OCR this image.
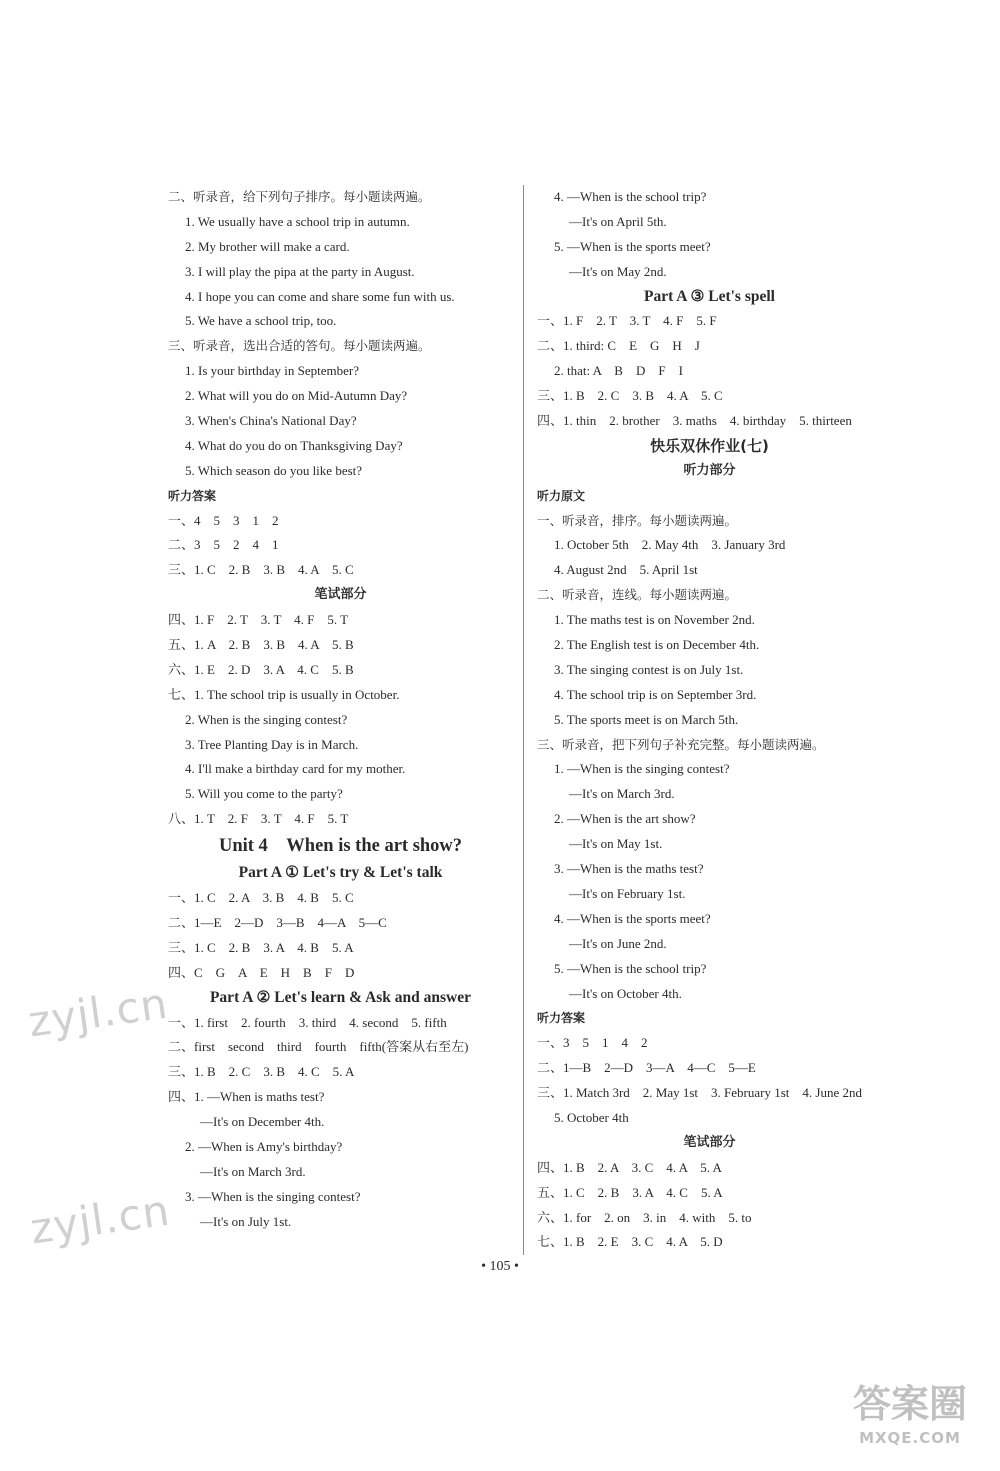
二、听录音，给下列句子排序。每小题读两遍。
1. We usually have a school trip in autumn.
2. My brother will make a card.
3. I will play the pipa at the party in August.
4. I hope you can come and share some fun with us.
5. We have a school trip, too.
三、听录音，选出合适的答句。每小题读两遍。
1. Is your birthday in September?
2. What will you do on Mid-Autumn Day?
3. When's China's National Day?
4. What do you do on Thanksgiving Day?
5. Which season do you like best?
听力答案
一、4　5　3　1　2
二、3　5　2　4　1
三、1. C　2. B　3. B　4. A　5. C
笔试部分
四、1. F　2. T　3. T　4. F　5. T
五、1. A　2. B　3. B　4. A　5. B
六、1. E　2. D　3. A　4. C　5. B
七、1. The school trip is usually in October.
2. When is the singing contest?
3. Tree Planting Day is in March.
4. I'll make a birthday card for my mother.
5. Will you come to the party?
八、1. T　2. F　3. T　4. F　5. T
Unit 4　When is the art show?
Part A ① Let's try & Let's talk
一、1. C　2. A　3. B　4. B　5. C
二、1—E　2—D　3—B　4—A　5—C
三、1. C　2. B　3. A　4. B　5. A
四、C　G　A　E　H　B　F　D
Part A ② Let's learn & Ask and answer
一、1. first　2. fourth　3. third　4. second　5. fifth
二、first　second　third　fourth　fifth(答案从右至左)
三、1. B　2. C　3. B　4. C　5. A
四、1. —When is maths test?
—It's on December 4th.
2. —When is Amy's birthday?
—It's on March 3rd.
3. —When is the singing contest?
—It's on July 1st.
4. —When is the school trip?
—It's on April 5th.
5. —When is the sports meet?
—It's on May 2nd.
Part A ③ Let's spell
一、1. F　2. T　3. T　4. F　5. F
二、1. third: C　E　G　H　J
2. that: A　B　D　F　I
三、1. B　2. C　3. B　4. A　5. C
四、1. thin　2. brother　3. maths　4. birthday　5. thirteen
快乐双休作业(七)
听力部分
听力原文
一、听录音，排序。每小题读两遍。
1. October 5th　2. May 4th　3. January 3rd
4. August 2nd　5. April 1st
二、听录音，连线。每小题读两遍。
1. The maths test is on November 2nd.
2. The English test is on December 4th.
3. The singing contest is on July 1st.
4. The school trip is on September 3rd.
5. The sports meet is on March 5th.
三、听录音，把下列句子补充完整。每小题读两遍。
1. —When is the singing contest?
—It's on March 3rd.
2. —When is the art show?
—It's on May 1st.
3. —When is the maths test?
—It's on February 1st.
4. —When is the sports meet?
—It's on June 2nd.
5. —When is the school trip?
—It's on October 4th.
听力答案
一、3　5　1　4　2
二、1—B　2—D　3—A　4—C　5—E
三、1. Match 3rd　2. May 1st　3. February 1st　4. June 2nd
5. October 4th
笔试部分
四、1. B　2. A　3. C　4. A　5. A
五、1. C　2. B　3. A　4. C　5. A
六、1. for　2. on　3. in　4. with　5. to
七、1. B　2. E　3. C　4. A　5. D
• 105 •
zyjl.cn
zyjl.cn
答案圈
MXQE.COM
